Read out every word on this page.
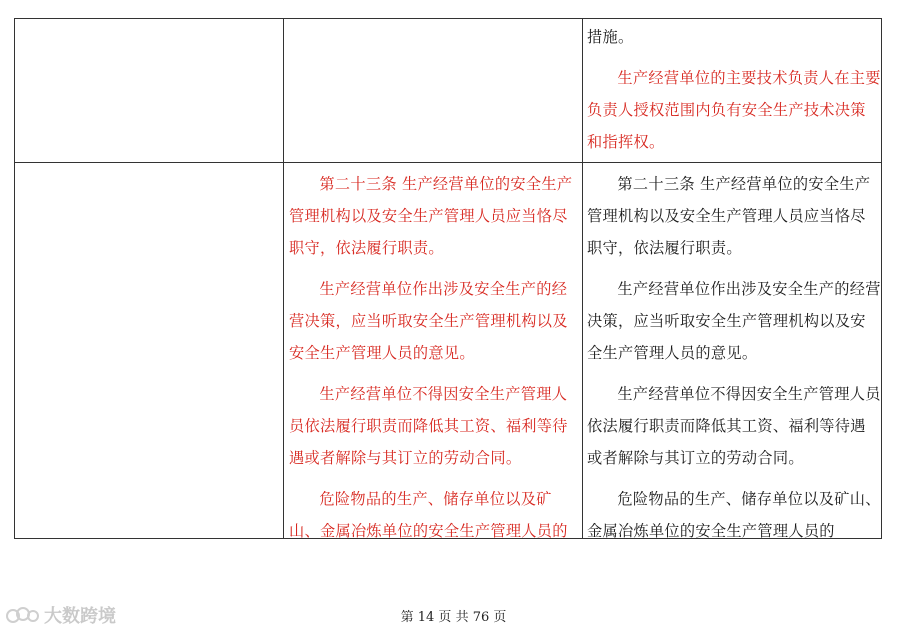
措施。

生产经营单位的主要技术负责人在主要负责人授权范围内负有安全生产技术决策和指挥权。

第二十三条 生产经营单位的安全生产管理机构以及安全生产管理人员应当恪尽职守，依法履行职责。

生产经营单位作出涉及安全生产的经营决策，应当听取安全生产管理机构以及安全生产管理人员的意见。

生产经营单位不得因安全生产管理人员依法履行职责而降低其工资、福利等待遇或者解除与其订立的劳动合同。

危险物品的生产、储存单位以及矿山、金属冶炼单位的安全生产管理人员的

第二十三条 生产经营单位的安全生产管理机构以及安全生产管理人员应当恪尽职守，依法履行职责。

生产经营单位作出涉及安全生产的经营决策，应当听取安全生产管理机构以及安全生产管理人员的意见。

生产经营单位不得因安全生产管理人员依法履行职责而降低其工资、福利等待遇或者解除与其订立的劳动合同。

危险物品的生产、储存单位以及矿山、金属冶炼单位的安全生产管理人员的

大数跨境	第 14 页 共 76 页
